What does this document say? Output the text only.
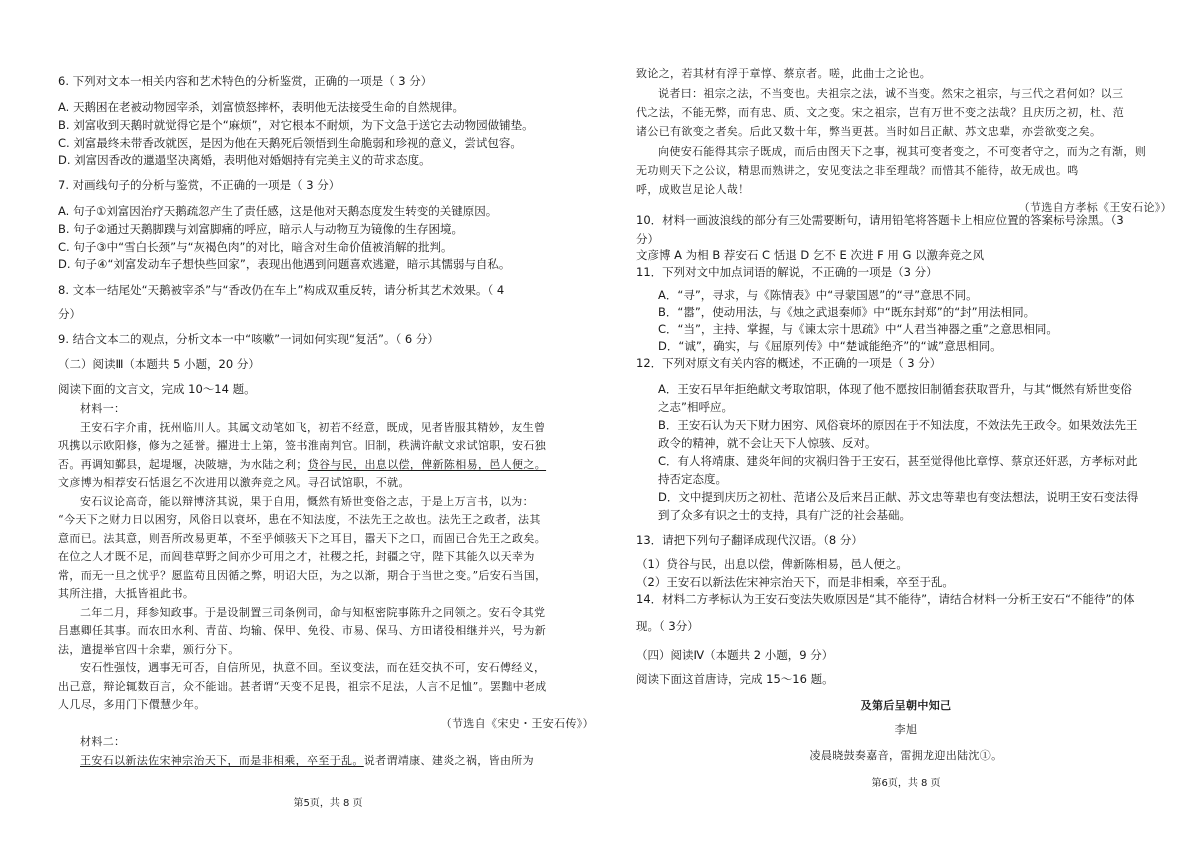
6. 下列对文本一相关内容和艺术特色的分析鉴赏，正确的一项是（ 3 分）
A. 天鹅困在老被动物园宰杀，刘富愤怒摔杯，表明他无法接受生命的自然规律。
B. 刘富收到天鹅时就觉得它是个“麻烦”，对它根本不耐烦，为下文急于送它去动物园做铺垫。
C. 刘富最终未带香改就医，是因为他在天鹅死后领悟到生命脆弱和珍视的意义，尝试包容。
D. 刘富因香改的邋遢坚决离婚，表明他对婚姻持有完美主义的苛求态度。
7. 对画线句子的分析与鉴赏，不正确的一项是（ 3 分）
A. 句子①刘富因治疗天鹅疏忽产生了责任感，这是他对天鹅态度发生转变的关键原因。
B. 句子②通过天鹅脚蹼与刘富脚痛的呼应，暗示人与动物互为镜像的生存困境。
C. 句子③中“雪白长颈”与“灰褐色肉”的对比，暗含对生命价值被消解的批判。
D. 句子④“刘富发动车子想快些回家”，表现出他遇到问题喜欢逃避，暗示其懦弱与自私。
8. 文本一结尾处“天鹅被宰杀”与“香改仍在车上”构成双重反转，请分析其艺术效果。（ 4
分）
9. 结合文本二的观点，分析文本一中“咳嗽”一词如何实现“复活”。（ 6 分）
（二）阅读Ⅲ（本题共 5 小题，20 分）
阅读下面的文言文，完成 10～14 题。
材料一：
王安石字介甫，抚州临川人。其属文动笔如飞，初若不经意，既成，见者皆服其精妙，友生曾
巩携以示欧阳修，修为之延誉。擢进士上第，签书淮南判官。旧制，秩满许献文求试馆职，安石独
否。再调知鄞县，起堤堰，决陂塘，为水陆之利；贷谷与民，出息以偿，俾新陈相易，邑人便之。
文彦博为相荐安石恬退乞不次进用以激奔竞之风。寻召试馆职，不就。
安石议论高奇，能以辩博济其说，果于自用，慨然有矫世变俗之志，于是上万言书，以为：
“今天下之财力日以困穷，风俗日以衰坏，患在不知法度，不法先王之故也。法先王之政者，法其
意而已。法其意，则吾所改易更革，不至乎倾骇天下之耳目，嚣天下之口，而固已合先王之政矣。
在位之人才既不足，而闾巷草野之间亦少可用之才，社稷之托，封疆之守，陛下其能久以天幸为
常，而无一旦之忧乎？愿监苟且因循之弊，明诏大臣，为之以渐，期合于当世之变。”后安石当国，
其所注措，大抵皆祖此书。
二年二月，拜参知政事。于是设制置三司条例司，命与知枢密院事陈升之同领之。安石令其党
吕惠卿任其事。而农田水利、青苗、均输、保甲、免役、市易、保马、方田诸役相继并兴，号为新
法，遣提举官四十余辈，颁行分下。
安石性强忮，遇事无可否，自信所见，执意不回。至议变法，而在廷交执不可，安石傅经义，
出己意，辩论辄数百言，众不能诎。甚者谓“天变不足畏，祖宗不足法，人言不足恤”。罢黜中老成
人几尽，多用门下儇慧少年。
（节选自《宋史・王安石传》）
材料二：
王安石以新法佐宋神宗治天下，而是非相乘，卒至于乱。说者谓靖康、建炎之祸，皆由所为
第5页，共 8 页
致论之，若其材有浮于章惇、蔡京者。嗟，此曲士之论也。
说者曰：祖宗之法，不当变也。夫祖宗之法，诚不当变。然宋之祖宗，与三代之君何如？以三
代之法，不能无弊，而有忠、质、文之变。宋之祖宗，岂有万世不变之法哉？且庆历之初，杜、范
诸公已有欲变之者矣。后此又数十年，弊当更甚。当时如吕正献、苏文忠辈，亦尝欲变之矣。
向使安石能得其宗子既成，而后由图天下之事，视其可变者变之，不可变者守之，而为之有渐，则
无功则天下之公议，精思而熟讲之，安见变法之非至理哉？而惜其不能待，故无成也。鸣
呼，成败岂足论人哉！
（节选自方孝标《王安石论》）
10．材料一画波浪线的部分有三处需要断句，请用铅笔将答题卡上相应位置的答案标号涂黑。（3
分）
文彦博 A 为相 B 荐安石 C 恬退 D 乞不 E 次进 F 用 G 以激奔竞之风
11．下列对文中加点词语的解说，不正确的一项是（3 分）
A．“寻”，寻求，与《陈情表》中“寻蒙国恩”的“寻”意思不同。
B．“嚣”，使动用法，与《烛之武退秦师》中“既东封郑”的“封”用法相同。
C．“当”，主持、掌握，与《谏太宗十思疏》中“人君当神器之重”之意思相同。
D．“诚”，确实，与《屈原列传》中“楚诚能绝齐”的“诚”意思相同。
12．下列对原文有关内容的概述，不正确的一项是（ 3 分）
A．王安石早年拒绝献文考取馆职，体现了他不愿按旧制循套获取晋升，与其“慨然有矫世变俗
之志”相呼应。
B．王安石认为天下财力困穷、风俗衰坏的原因在于不知法度，不效法先王政令。如果效法先王
政令的精神，就不会让天下人惊骇、反对。
C．有人将靖康、建炎年间的灾祸归咎于王安石，甚至觉得他比章惇、蔡京还奸恶，方孝标对此
持否定态度。
D．文中提到庆历之初杜、范诸公及后来吕正献、苏文忠等辈也有变法想法，说明王安石变法得
到了众多有识之士的支持，具有广泛的社会基础。
13．请把下列句子翻译成现代汉语。（8 分）
（1）贷谷与民，出息以偿，俾新陈相易，邑人便之。
（2）王安石以新法佐宋神宗治天下，而是非相乘，卒至于乱。
14．材料二方孝标认为王安石变法失败原因是“其不能待”，请结合材料一分析王安石“不能待”的体
现。（ 3分）
（四）阅读Ⅳ（本题共 2 小题，9 分）
阅读下面这首唐诗，完成 15～16 题。
及第后呈朝中知己
李旭
凌晨晓鼓奏嘉音，雷拥龙迎出陆沈①。
第6页，共 8 页
